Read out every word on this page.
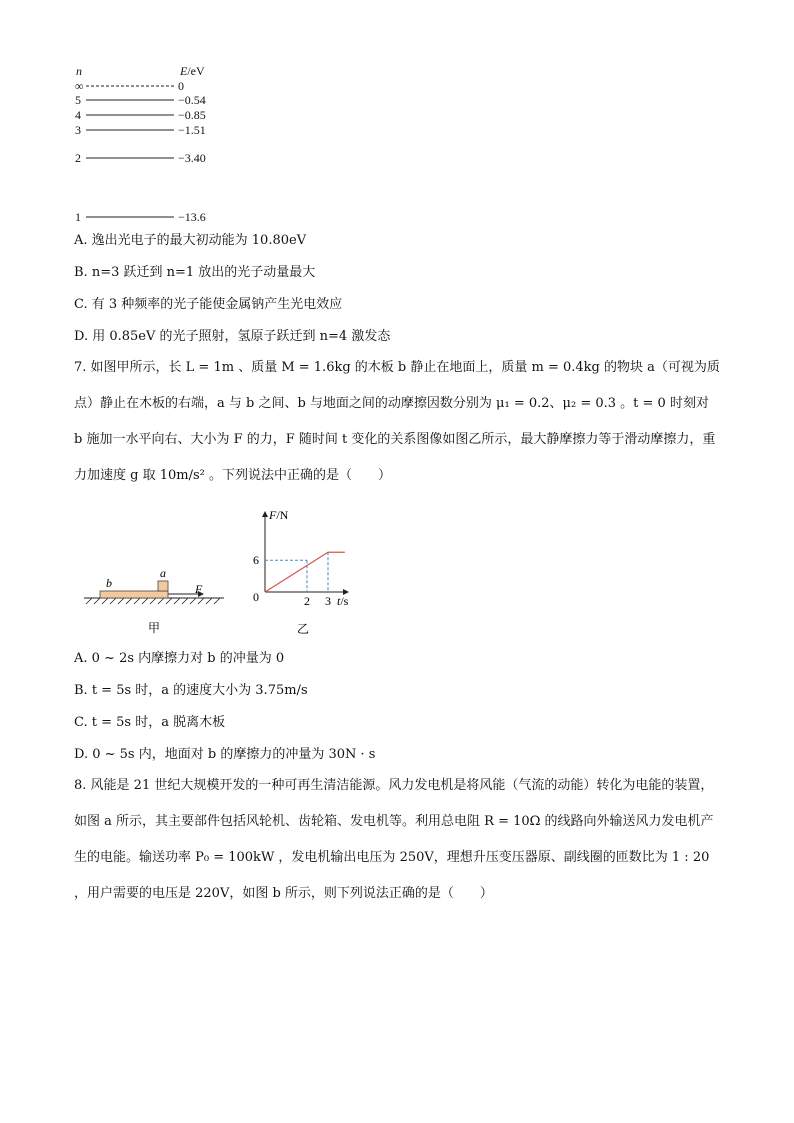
n	E/eV
∞	0
5	−0.54
4	−0.85
3	−1.51
2	−3.40
1	−13.6
A. 逸出光电子的最大初动能为 10.80eV
B. n=3 跃迁到 n=1 放出的光子动量最大
C. 有 3 种频率的光子能使金属钠产生光电效应
D. 用 0.85eV 的光子照射，氢原子跃迁到 n=4 激发态
7. 如图甲所示，长 L = 1m 、质量 M = 1.6kg 的木板 b 静止在地面上，质量 m = 0.4kg 的物块 a（可视为质点）静止在木板的右端，a 与 b 之间、b 与地面之间的动摩擦因数分别为 μ₁ = 0.2、μ₂ = 0.3 。t = 0 时刻对 b 施加一水平向右、大小为 F 的力，F 随时间 t 变化的关系图像如图乙所示，最大静摩擦力等于滑动摩擦力，重力加速度 g 取 10m/s² 。下列说法中正确的是（　　）
b
a
F
甲
F/N
t/s
0
6
2 3
乙
A. 0 ~ 2s 内摩擦力对 b 的冲量为 0
B. t = 5s 时，a 的速度大小为 3.75m/s
C. t = 5s 时，a 脱离木板
D. 0 ~ 5s 内，地面对 b 的摩擦力的冲量为 30N · s
8. 风能是 21 世纪大规模开发的一种可再生清洁能源。风力发电机是将风能（气流的动能）转化为电能的装置，如图 a 所示，其主要部件包括风轮机、齿轮箱、发电机等。利用总电阻 R = 10Ω 的线路向外输送风力发电机产生的电能。输送功率 P₀ = 100kW ，发电机输出电压为 250V，理想升压变压器原、副线圈的匝数比为 1 : 20 ，用户需要的电压是 220V，如图 b 所示，则下列说法正确的是（　　）
